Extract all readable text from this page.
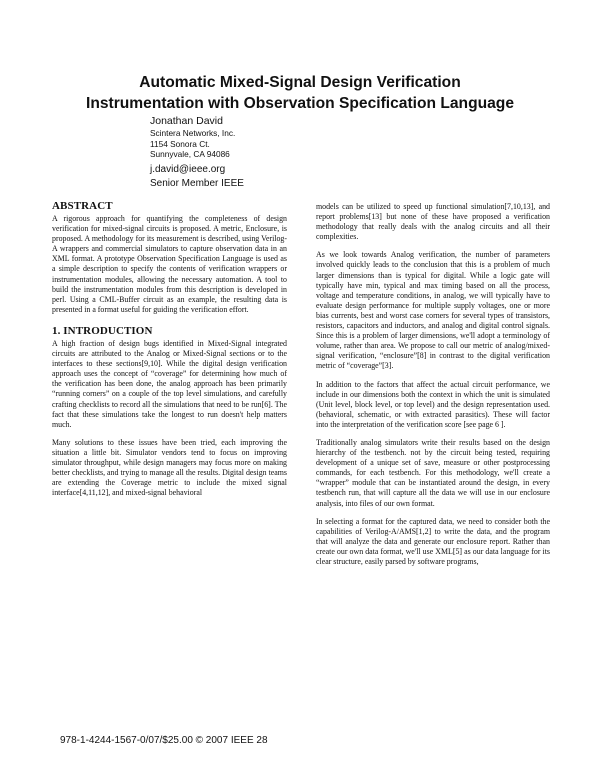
Automatic Mixed-Signal Design Verification
Instrumentation with Observation Specification Language

Jonathan David

Scintera Networks, Inc.

1154 Sonora Ct.

Sunnyvale, CA 94086

j.david@ieee.org

Senior Member IEEE

ABSTRACT

A rigorous approach for quantifying the completeness of design verification for mixed-signal circuits is proposed. A metric, Enclosure, is proposed. A methodology for its measurement is described, using Verilog-A wrappers and commercial simulators to capture observation data in an XML format. A prototype Observation Specification Language is used as a simple description to specify the contents of verification wrappers or instrumentation modules, allowing the necessary automation. A tool to build the instrumentation modules from this description is developed in perl. Using a CML-Buffer circuit as an example, the resulting data is presented in a format useful for guiding the verification effort.

1. INTRODUCTION

A high fraction of design bugs identified in Mixed-Signal integrated circuits are attributed to the Analog or Mixed-Signal sections or to the interfaces to these sections[9,10]. While the digital design verification approach uses the concept of “coverage” for determining how much of the verification has been done, the analog approach has been primarily “running corners” on a couple of the top level simulations, and carefully crafting checklists to record all the simulations that need to be run[6]. The fact that these simulations take the longest to run doesn't help matters much.

Many solutions to these issues have been tried, each improving the situation a little bit. Simulator vendors tend to focus on improving simulator throughput, while design managers may focus more on making better checklists, and trying to manage all the results. Digital design teams are extending the Coverage metric to include the mixed signal interface[4,11,12], and mixed-signal behavioral

models can be utilized to speed up functional simulation[7,10,13], and report problems[13] but none of these have proposed a verification methodology that really deals with the analog circuits and all their complexities.

As we look towards Analog verification, the number of parameters involved quickly leads to the conclusion that this is a problem of much larger dimensions than is typical for digital. While a logic gate will typically have min, typical and max timing based on all the process, voltage and temperature conditions, in analog, we will typically have to evaluate design performance for multiple supply voltages, one or more bias currents, best and worst case corners for several types of transistors, resistors, capacitors and inductors, and analog and digital control signals. Since this is a problem of larger dimensions, we'll adopt a terminology of volume, rather than area. We propose to call our metric of analog/mixed-signal verification, “enclosure”[8] in contrast to the digital verification metric of “coverage”[3].

In addition to the factors that affect the actual circuit performance, we include in our dimensions both the context in which the unit is simulated (Unit level, block level, or top level) and the design representation used. (behavioral, schematic, or with extracted parasitics). These will factor into the interpretation of the verification score [see page 6 ].

Traditionally analog simulators write their results based on the design hierarchy of the testbench. not by the circuit being tested, requiring development of a unique set of save, measure or other postprocessing commands, for each testbench. For this methodology, we'll create a “wrapper” module that can be instantiated around the design, in every testbench run, that will capture all the data we will use in our enclosure analysis, into files of our own format.

In selecting a format for the captured data, we need to consider both the capabilities of Verilog-A/AMS[1,2] to write the data, and the program that will analyze the data and generate our enclosure report. Rather than create our own data format, we'll use XML[5] as our data language for its clear structure, easily parsed by software programs,

978-1-4244-1567-0/07/$25.00 © 2007 IEEE 28
